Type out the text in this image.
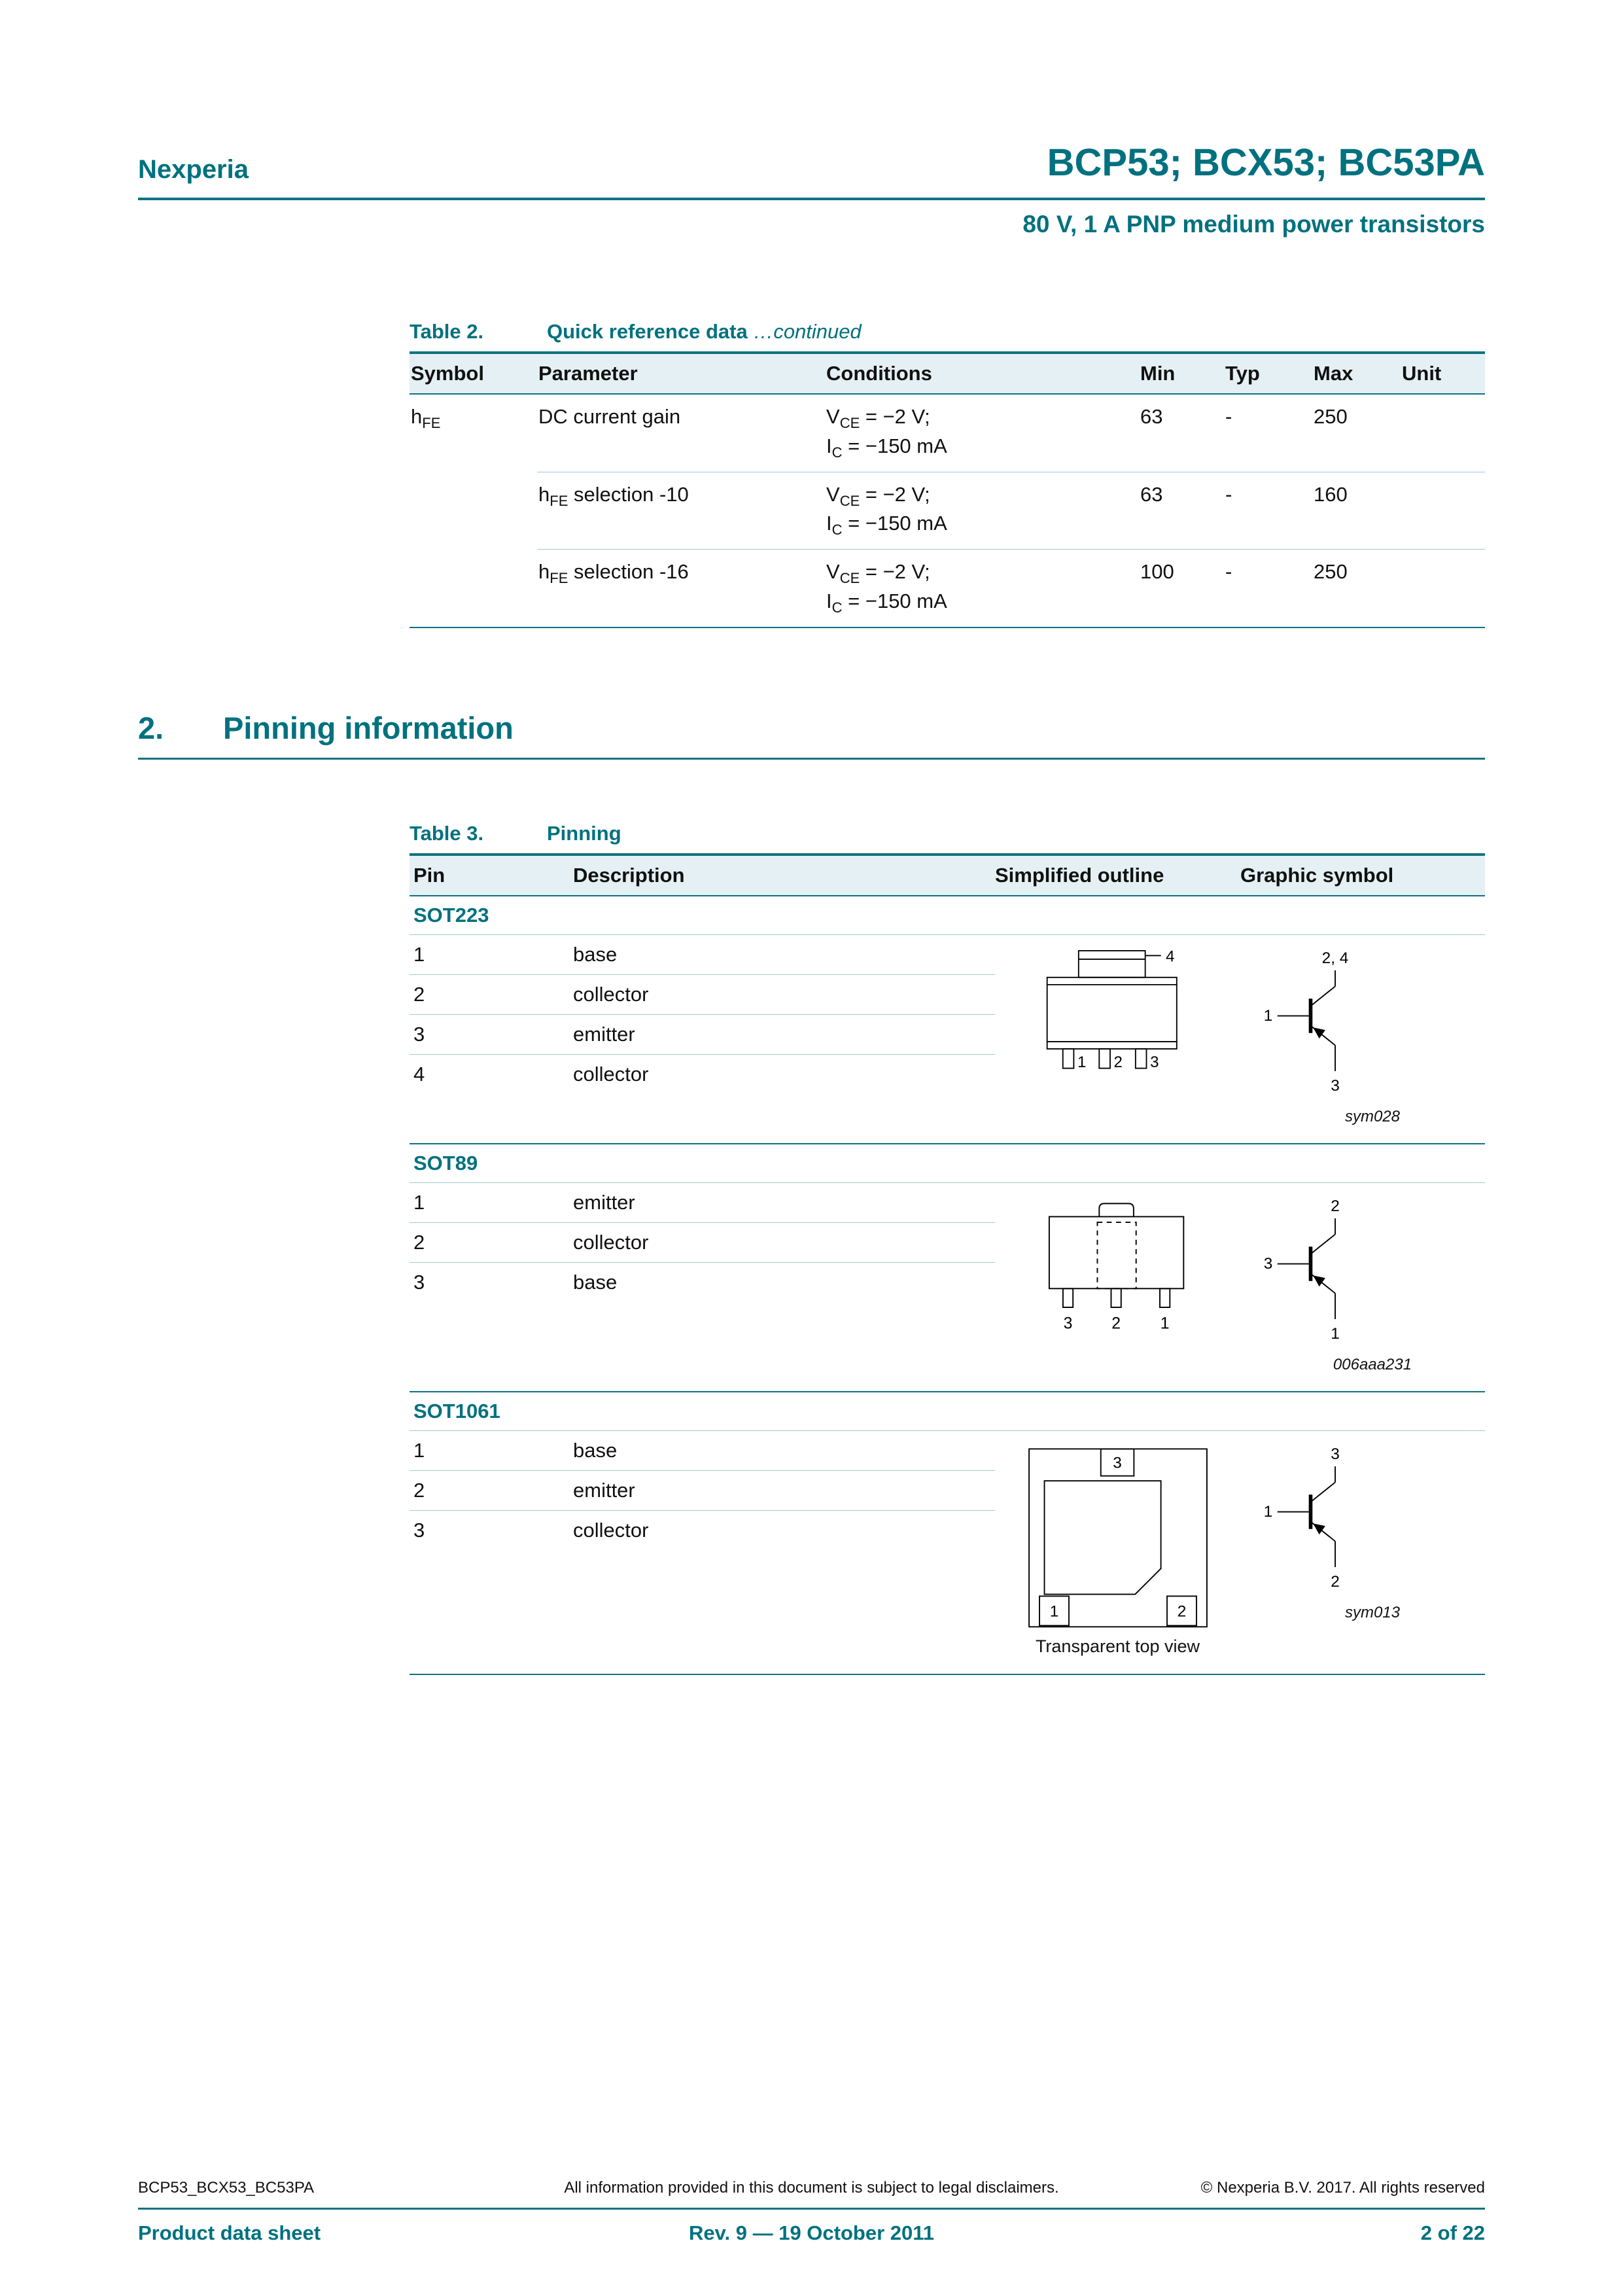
Nexperia	BCP53; BCX53; BC53PA
80 V, 1 A PNP medium power transistors
Table 2.	Quick reference data …continued
Symbol	Parameter	Conditions	Min	Typ	Max	Unit
$h_{FE}$	DC current gain	$V_{CE} = -2$ V;
$I_C = -150$ mA	63	-	250	
	$h_{FE}$ selection -10	$V_{CE} = -2$ V;
$I_C = -150$ mA	63	-	160	
	$h_{FE}$ selection -16	$V_{CE} = -2$ V;
$I_C = -150$ mA	100	-	250	
2. Pinning information
Table 3.	Pinning
Pin	Description	Simplified outline	Graphic symbol
SOT223
1	base
2	collector
3	emitter
4	collector
4
1 2 3
2, 4
1
3
sym028
SOT89
1	emitter
2	collector
3	base
3 2 1
2
3
1
006aaa231
SOT1061
1	base
2	emitter
3	collector
3
1	2
Transparent top view
3
1
2
sym013
BCP53_BCX53_BC53PA	All information provided in this document is subject to legal disclaimers.	© Nexperia B.V. 2017. All rights reserved
Product data sheet	Rev. 9 — 19 October 2011	2 of 22
